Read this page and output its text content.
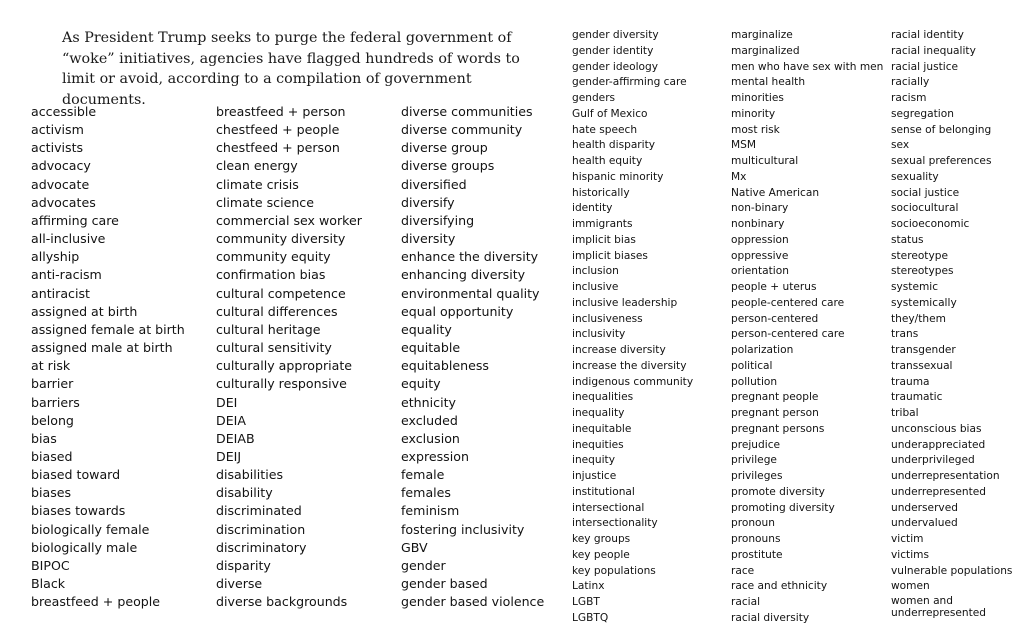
As President Trump seeks to purge the federal government of “woke” initiatives, agencies have flagged hundreds of words to limit or avoid, according to a compilation of government documents.

accessible
activism
activists
advocacy
advocate
advocates
affirming care
all-inclusive
allyship
anti-racism
antiracist
assigned at birth
assigned female at birth
assigned male at birth
at risk
barrier
barriers
belong
bias
biased
biased toward
biases
biases towards
biologically female
biologically male
BIPOC
Black
breastfeed + people
breastfeed + person
chestfeed + people
chestfeed + person
clean energy
climate crisis
climate science
commercial sex worker
community diversity
community equity
confirmation bias
cultural competence
cultural differences
cultural heritage
cultural sensitivity
culturally appropriate
culturally responsive
DEI
DEIA
DEIAB
DEIJ
disabilities
disability
discriminated
discrimination
discriminatory
disparity
diverse
diverse backgrounds
diverse communities
diverse community
diverse group
diverse groups
diversified
diversify
diversifying
diversity
enhance the diversity
enhancing diversity
environmental quality
equal opportunity
equality
equitable
equitableness
equity
ethnicity
excluded
exclusion
expression
female
females
feminism
fostering inclusivity
GBV
gender
gender based
gender based violence
gender diversity
gender identity
gender ideology
gender-affirming care
genders
Gulf of Mexico
hate speech
health disparity
health equity
hispanic minority
historically
identity
immigrants
implicit bias
implicit biases
inclusion
inclusive
inclusive leadership
inclusiveness
inclusivity
increase diversity
increase the diversity
indigenous community
inequalities
inequality
inequitable
inequities
inequity
injustice
institutional
intersectional
intersectionality
key groups
key people
key populations
Latinx
LGBT
LGBTQ
marginalize
marginalized
men who have sex with men
mental health
minorities
minority
most risk
MSM
multicultural
Mx
Native American
non-binary
nonbinary
oppression
oppressive
orientation
people + uterus
people-centered care
person-centered
person-centered care
polarization
political
pollution
pregnant people
pregnant person
pregnant persons
prejudice
privilege
privileges
promote diversity
promoting diversity
pronoun
pronouns
prostitute
race
race and ethnicity
racial
racial diversity
racial identity
racial inequality
racial justice
racially
racism
segregation
sense of belonging
sex
sexual preferences
sexuality
social justice
sociocultural
socioeconomic
status
stereotype
stereotypes
systemic
systemically
they/them
trans
transgender
transsexual
trauma
traumatic
tribal
unconscious bias
underappreciated
underprivileged
underrepresentation
underrepresented
underserved
undervalued
victim
victims
vulnerable populations
women
women and underrepresented
